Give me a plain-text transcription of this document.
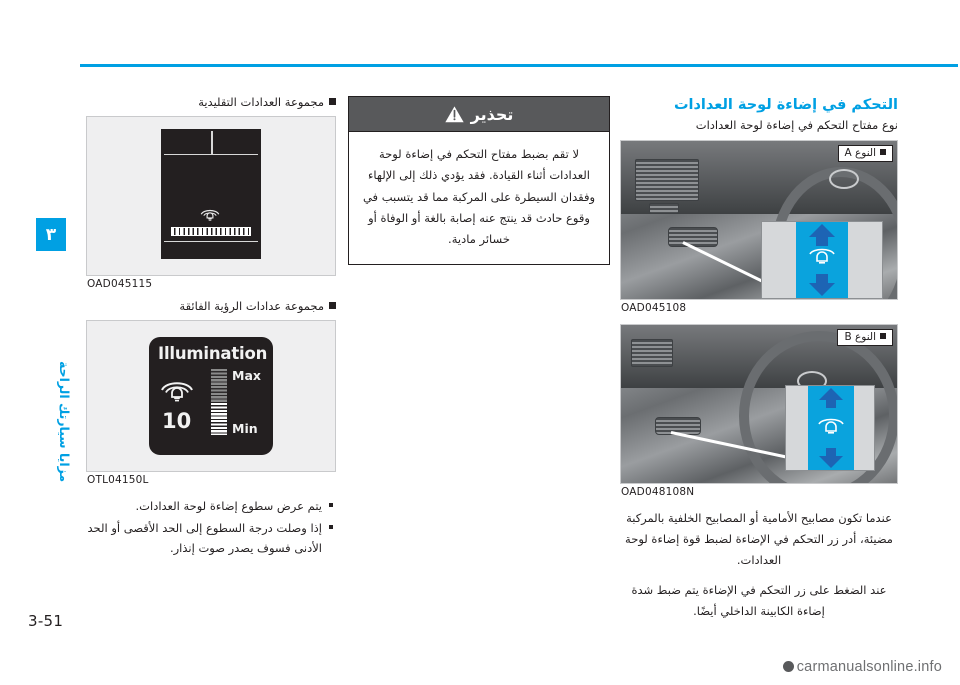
٣
مزايا سيارتك الراحة
3-51
carmanualsonline.info
مجموعة العدادات التقليدية
OAD045115
مجموعة عدادات الرؤية الفائقة
Illumination
10
Max
Min
OTL04150L
يتم عرض سطوع إضاءة لوحة العدادات.
إذا وصلت درجة السطوع إلى الحد الأقصى أو الحد الأدنى فسوف يصدر صوت إنذار.
تحذير
لا تقم بضبط مفتاح التحكم في إضاءة لوحة العدادات أثناء القيادة. فقد يؤدي ذلك إلى الإلهاء وفقدان السيطرة على المركبة مما قد يتسبب في وقوع حادث قد ينتج عنه إصابة بالغة أو الوفاة أو خسائر مادية.
التحكم في إضاءة لوحة العدادات
نوع مفتاح التحكم في إضاءة لوحة العدادات
النوع A
OAD045108
النوع B
OAD048108N
عندما تكون مصابيح الأمامية أو المصابيح الخلفية بالمركبة مضيئة، أدر زر التحكم في الإضاءة لضبط قوة إضاءة لوحة العدادات.
عند الضغط على زر التحكم في الإضاءة يتم ضبط شدة إضاءة الكابينة الداخلي أيضًا.
